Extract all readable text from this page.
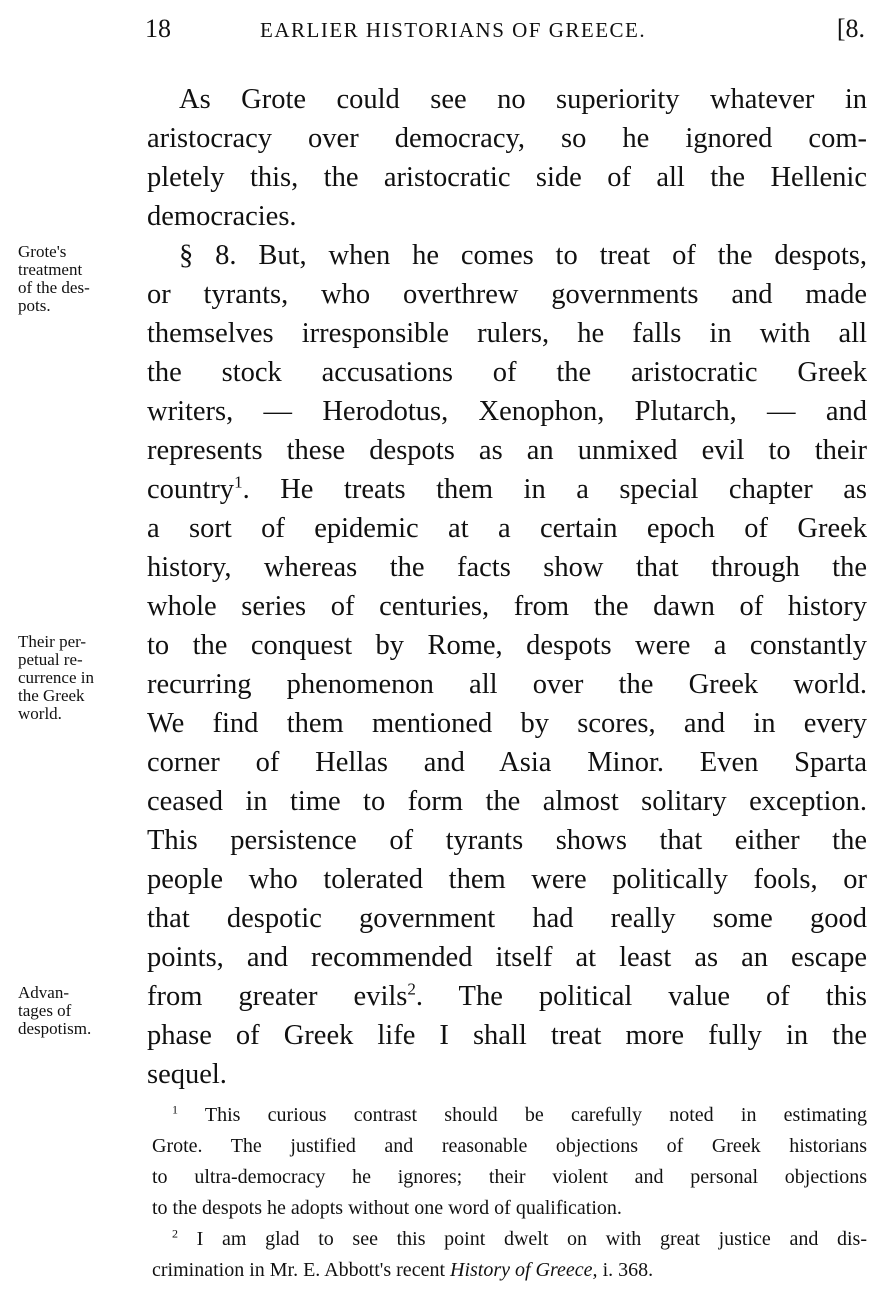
18	EARLIER HISTORIANS OF GREECE.	[8.
As Grote could see no superiority whatever in
aristocracy over democracy, so he ignored com-
pletely this, the aristocratic side of all the Hellenic
democracies.
§ 8. But, when he comes to treat of the despots,
or tyrants, who overthrew governments and made
themselves irresponsible rulers, he falls in with all
the stock accusations of the aristocratic Greek
writers, — Herodotus, Xenophon, Plutarch, — and
represents these despots as an unmixed evil to their
country$^1$. He treats them in a special chapter as
a sort of epidemic at a certain epoch of Greek
history, whereas the facts show that through the
whole series of centuries, from the dawn of history
to the conquest by Rome, despots were a constantly
recurring phenomenon all over the Greek world.
We find them mentioned by scores, and in every
corner of Hellas and Asia Minor. Even Sparta
ceased in time to form the almost solitary exception.
This persistence of tyrants shows that either the
people who tolerated them were politically fools, or
that despotic government had really some good
points, and recommended itself at least as an escape
from greater evils$^2$. The political value of this
phase of Greek life I shall treat more fully in the
sequel.
Grote's
treatment
of the des-
pots.
Their per-
petual re-
currence in
the Greek
world.
Advan-
tages of
despotism.
$^1$ This curious contrast should be carefully noted in estimating
Grote. The justified and reasonable objections of Greek historians
to ultra-democracy he ignores; their violent and personal objections
to the despots he adopts without one word of qualification.
$^2$ I am glad to see this point dwelt on with great justice and dis-
crimination in Mr. E. Abbott's recent History of Greece, i. 368.
